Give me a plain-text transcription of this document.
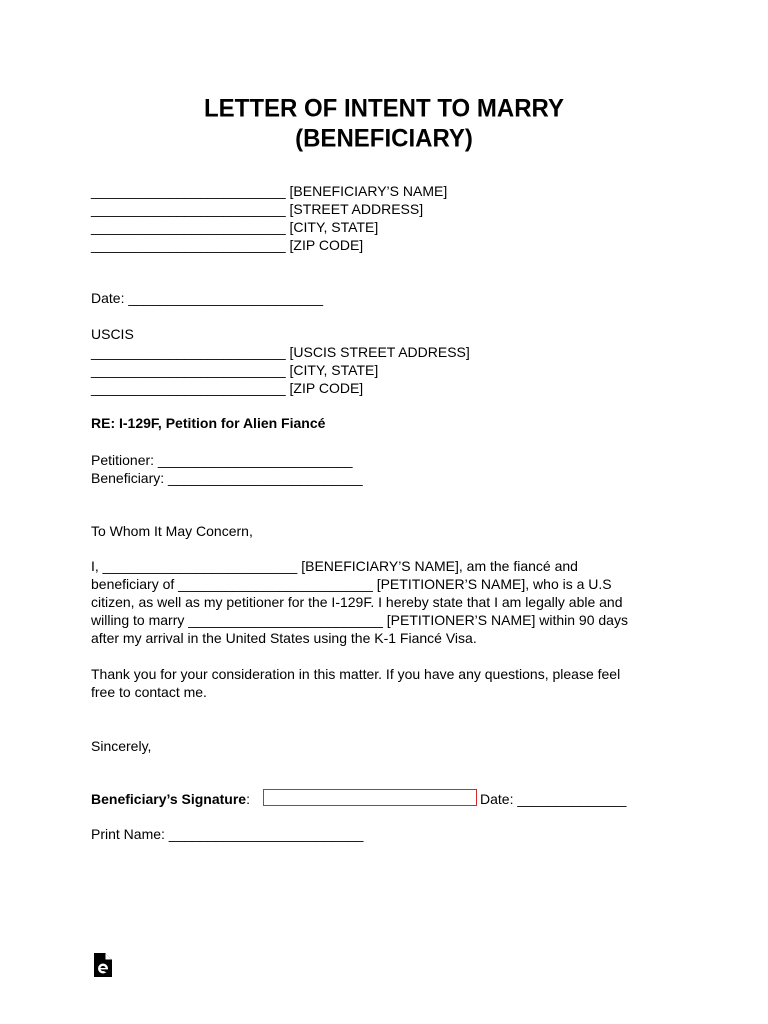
LETTER OF INTENT TO MARRY
(BENEFICIARY)
_________________________ [BENEFICIARY’S NAME]
_________________________ [STREET ADDRESS]
_________________________ [CITY, STATE]
_________________________ [ZIP CODE]
Date: _________________________
USCIS
_________________________ [USCIS STREET ADDRESS]
_________________________ [CITY, STATE]
_________________________ [ZIP CODE]
RE: I-129F, Petition for Alien Fiancé
Petitioner: _________________________
Beneficiary: _________________________
To Whom It May Concern,
I, _________________________ [BENEFICIARY’S NAME], am the fiancé and
beneficiary of _________________________ [PETITIONER’S NAME], who is a U.S
citizen, as well as my petitioner for the I-129F. I hereby state that I am legally able and
willing to marry _________________________ [PETITIONER’S NAME] within 90 days
after my arrival in the United States using the K-1 Fiancé Visa.
Thank you for your consideration in this matter. If you have any questions, please feel
free to contact me.
Sincerely,
Beneficiary’s Signature:	Date: ______________
Print Name: _________________________
